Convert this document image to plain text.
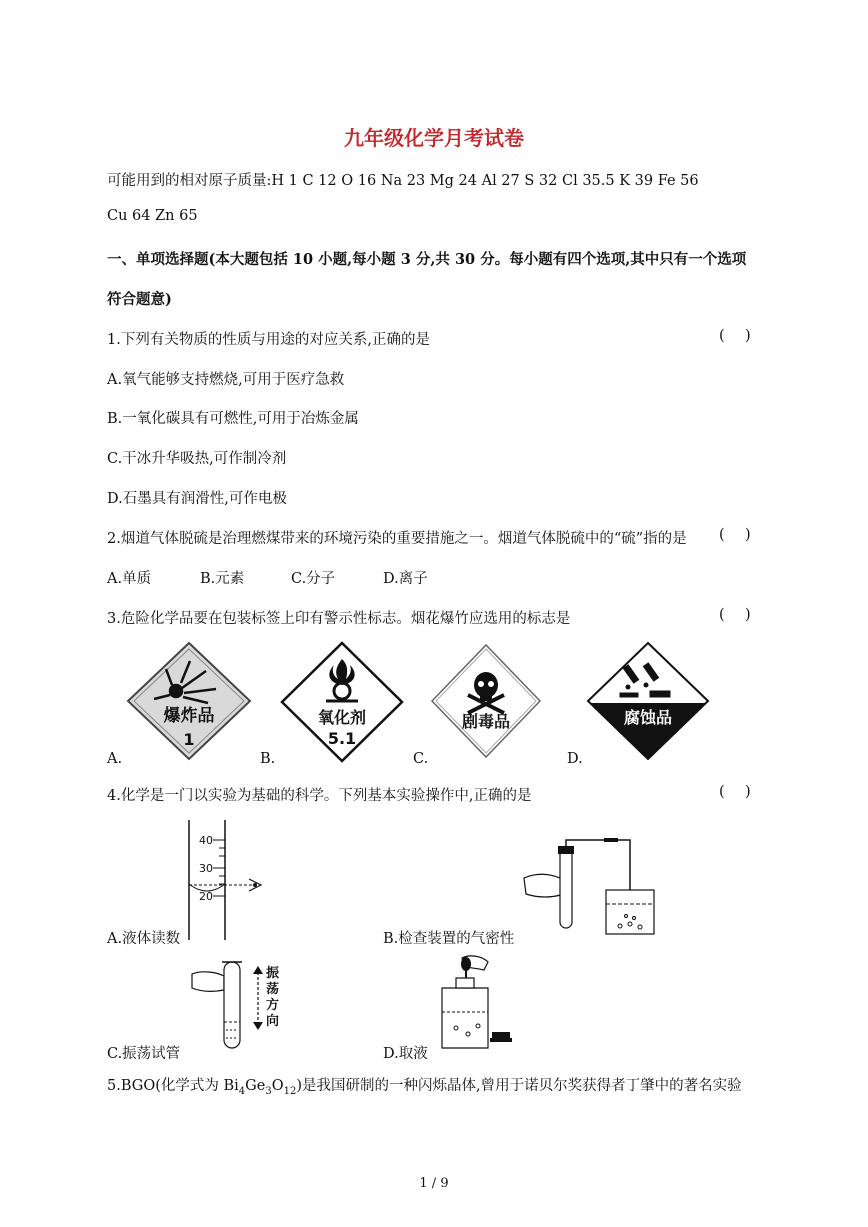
九年级化学月考试卷
可能用到的相对原子质量:H 1 C 12 O 16 Na 23 Mg 24 Al 27 S 32 Cl 35.5 K 39 Fe 56
Cu 64 Zn 65
一、单项选择题(本大题包括 10 小题,每小题 3 分,共 30 分。每小题有四个选项,其中只有一个选项
符合题意)
1.下列有关物质的性质与用途的对应关系,正确的是	( )
A.氧气能够支持燃烧,可用于医疗急救
B.一氧化碳具有可燃性,可用于冶炼金属
C.干冰升华吸热,可作制冷剂
D.石墨具有润滑性,可作电极
2.烟道气体脱硫是治理燃煤带来的环境污染的重要措施之一。烟道气体脱硫中的“硫”指的是 ( )
A.单质	B.元素	C.分子	D.离子
3.危险化学品要在包装标签上印有警示性标志。烟花爆竹应选用的标志是	( )
爆炸品
1
氧化剂
5.1
剧毒品	腐蚀品
A.	B.	C.	D.
4.化学是一门以实验为基础的科学。下列基本实验操作中,正确的是	( )
40
30
20
A.液体读数	B.检查装置的气密性
振
荡
方
向
C.振荡试管	D.取液
5.BGO(化学式为 $Bi_4Ge_3O_{12}$)是我国研制的一种闪烁晶体,曾用于诺贝尔奖获得者丁肇中的著名实验
1 / 9
